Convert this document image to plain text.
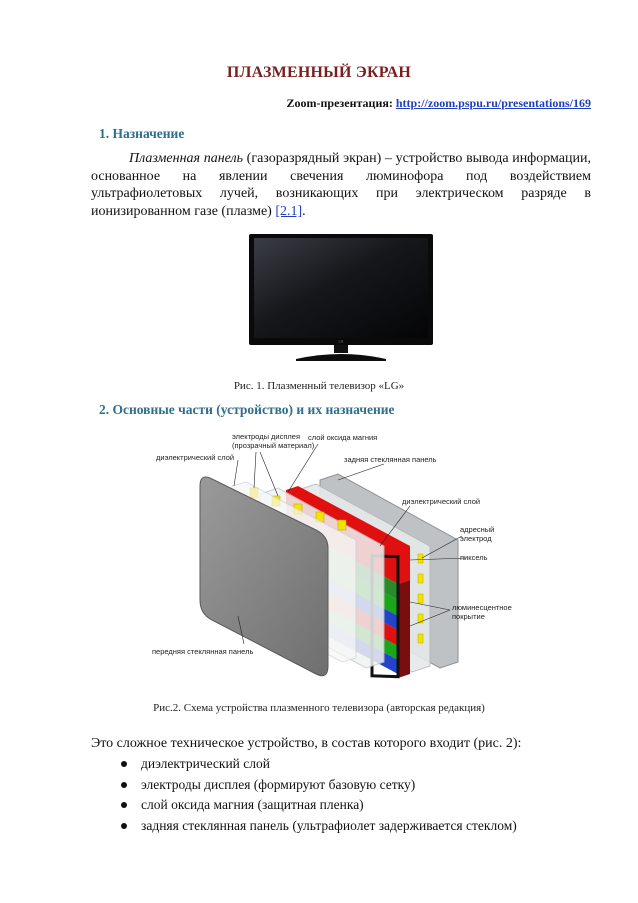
ПЛАЗМЕННЫЙ ЭКРАН
Zoom-презентация: http://zoom.pspu.ru/presentations/169
1. Назначение
Плазменная панель (газоразрядный экран) – устройство вывода информации, основанное на явлении свечения люминофора под воздействием ультрафиолетовых лучей, возникающих при электрическом разряде в ионизированном газе (плазме) [2.1].
LG
Рис. 1. Плазменный телевизор «LG»
2. Основные части (устройство) и их назначение
электроды дисплея
(прозрачный материал)
слой оксида магния
диэлектрический слой	задняя стеклянная панель
диэлектрический слой
адресный
электрод
пиксель
люминесцентное
покрытие
передняя стеклянная панель
Рис.2. Схема устройства плазменного телевизора (авторская редакция)
Это сложное техническое устройство, в состав которого входит (рис. 2):
диэлектрический слой
электроды дисплея (формируют базовую сетку)
слой оксида магния (защитная пленка)
задняя стеклянная панель (ультрафиолет задерживается стеклом)
